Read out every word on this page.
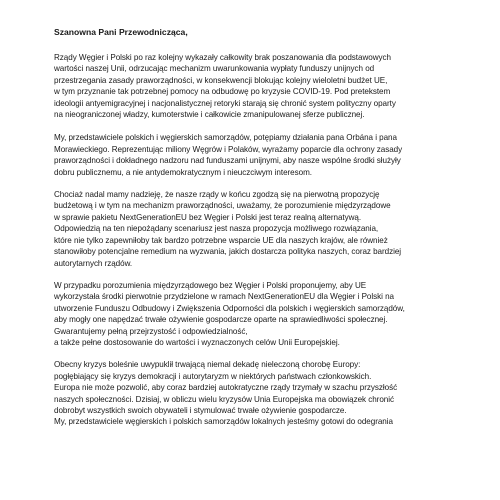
Szanowna Pani Przewodnicząca,
Rządy Węgier i Polski po raz kolejny wykazały całkowity brak poszanowania dla podstawowych
wartości naszej Unii, odrzucając mechanizm uwarunkowania wypłaty funduszy unijnych od
przestrzegania zasady praworządności, w konsekwencji blokując kolejny wieloletni budżet UE,
w tym przyznanie tak potrzebnej pomocy na odbudowę po kryzysie COVID-19. Pod pretekstem
ideologii antyemigracyjnej i nacjonalistycznej retoryki starają się chronić system polityczny oparty
na nieograniczonej władzy, kumoterstwie i całkowicie zmanipulowanej sferze publicznej.
My, przedstawiciele polskich i węgierskich samorządów, potępiamy działania pana Orbána i pana
Morawieckiego. Reprezentując miliony Węgrów i Polaków, wyrażamy poparcie dla ochrony zasady
praworządności i dokładnego nadzoru nad funduszami unijnymi, aby nasze wspólne środki służyły
dobru publicznemu, a nie antydemokratycznym i nieuczciwym interesom.
Chociaż nadal mamy nadzieję, że nasze rządy w końcu zgodzą się na pierwotną propozycję
budżetową i w tym na mechanizm praworządności, uważamy, że porozumienie międzyrządowe
w sprawie pakietu NextGenerationEU bez Węgier i Polski jest teraz realną alternatywą.
Odpowiedzią na ten niepożądany scenariusz jest nasza propozycja możliwego rozwiązania,
które nie tylko zapewniłoby tak bardzo potrzebne wsparcie UE dla naszych krajów, ale również
stanowiłoby potencjalne remedium na wyzwania, jakich dostarcza polityka naszych, coraz bardziej
autorytarnych rządów.
W przypadku porozumienia międzyrządowego bez Węgier i Polski proponujemy, aby UE
wykorzystała środki pierwotnie przydzielone w ramach NextGenerationEU dla Węgier i Polski na
utworzenie Funduszu Odbudowy i Zwiększenia Odporności dla polskich i węgierskich samorządów,
aby mogły one napędzać trwałe ożywienie gospodarcze oparte na sprawiedliwości społecznej.
Gwarantujemy pełną przejrzystość i odpowiedzialność,
a także pełne dostosowanie do wartości i wyznaczonych celów Unii Europejskiej.
Obecny kryzys boleśnie uwypuklił trwającą niemal dekadę nieleczoną chorobę Europy:
pogłębiający się kryzys demokracji i autorytaryzm w niektórych państwach członkowskich.
Europa nie może pozwolić, aby coraz bardziej autokratyczne rządy trzymały w szachu przyszłość
naszych społeczności. Dzisiaj, w obliczu wielu kryzysów Unia Europejska ma obowiązek chronić
dobrobyt wszystkich swoich obywateli i stymulować trwałe ożywienie gospodarcze.
My, przedstawiciele węgierskich i polskich samorządów lokalnych jesteśmy gotowi do odegrania
